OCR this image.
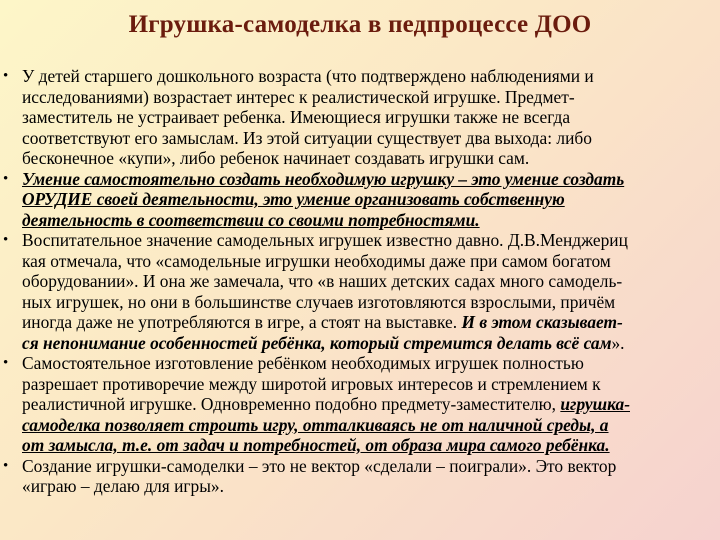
Игрушка-самоделка в педпроцессе ДОО
• У детей старшего дошкольного возраста (что подтверждено наблюдениями и
исследованиями) возрастает интерес к реалистической игрушке. Предмет-
заместитель не устраивает ребенка. Имеющиеся игрушки также не всегда
соответствуют его замыслам. Из этой ситуации существует два выхода: либо
бесконечное «купи», либо ребенок начинает создавать игрушки сам.
• Умение самостоятельно создать необходимую игрушку – это умение создать
ОРУДИЕ своей деятельности, это умение организовать собственную
деятельность в соответствии со своими потребностями.
• Воспитательное значение самодельных игрушек известно давно. Д.В.Менджериц
кая отмечала, что «самодельные игрушки необходимы даже при самом богатом
оборудовании». И она же замечала, что «в наших детских садах много самодель-
ных игрушек, но они в большинстве случаев изготовляются взрослыми, причём
иногда даже не употребляются в игре, а стоят на выставке. И в этом сказывает-
ся непонимание особенностей ребёнка, который стремится делать всё сам».
• Самостоятельное изготовление ребёнком необходимых игрушек полностью
разрешает противоречие между широтой игровых интересов и стремлением к
реалистичной игрушке. Одновременно подобно предмету-заместителю, игрушка-
самоделка позволяет строить игру, отталкиваясь не от наличной среды, а
от замысла, т.е. от задач и потребностей, от образа мира самого ребёнка.
• Создание игрушки-самоделки – это не вектор «сделали – поиграли». Это вектор
«играю – делаю для игры».
